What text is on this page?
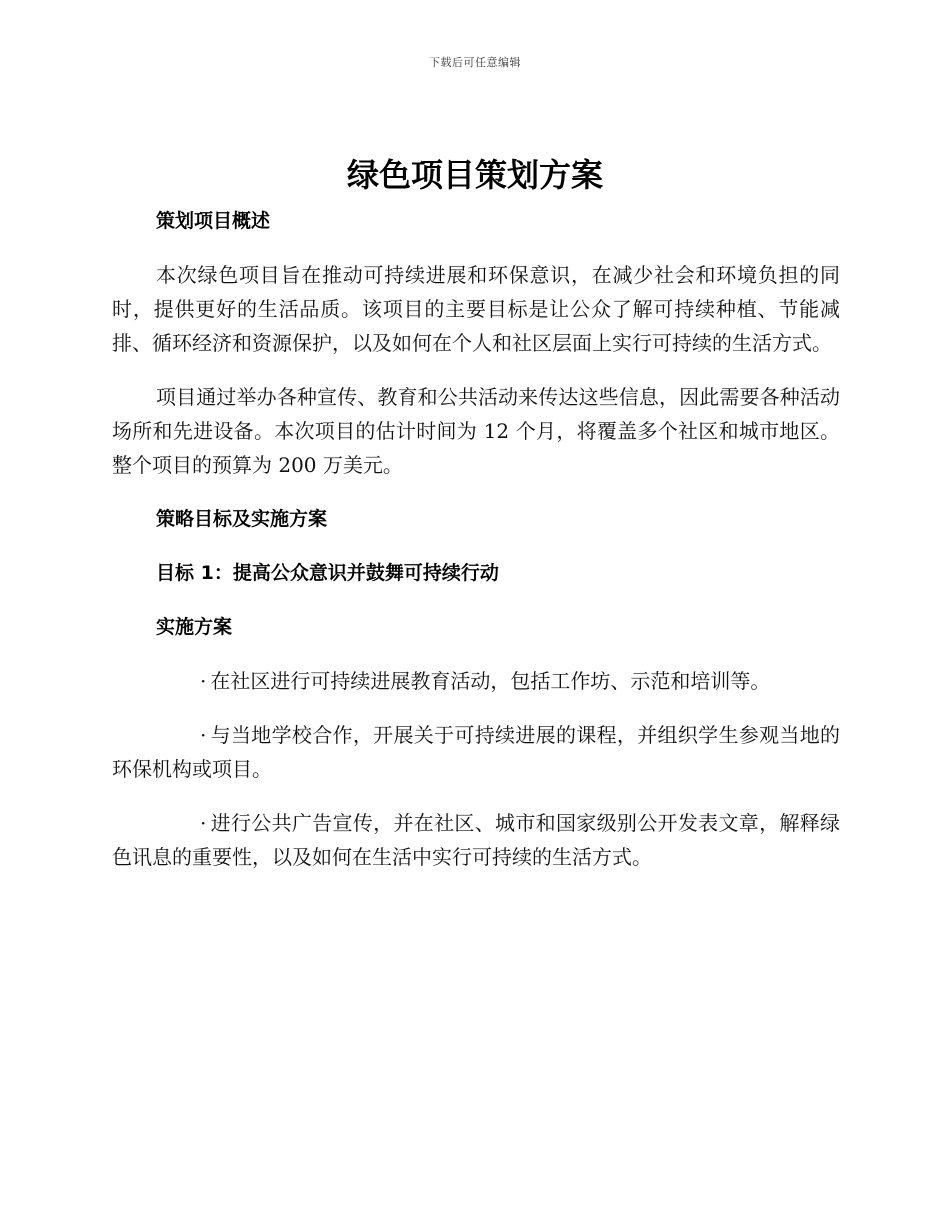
下载后可任意编辑
绿色项目策划方案
策划项目概述

本次绿色项目旨在推动可持续进展和环保意识，在减少社会和环境负担的同时，提供更好的生活品质。该项目的主要目标是让公众了解可持续种植、节能减排、循环经济和资源保护，以及如何在个人和社区层面上实行可持续的生活方式。

项目通过举办各种宣传、教育和公共活动来传达这些信息，因此需要各种活动场所和先进设备。本次项目的估计时间为 12 个月，将覆盖多个社区和城市地区。整个项目的预算为 200 万美元。

策略目标及实施方案
目标 1：提高公众意识并鼓舞可持续行动
实施方案

· 在社区进行可持续进展教育活动，包括工作坊、示范和培训等。

· 与当地学校合作，开展关于可持续进展的课程，并组织学生参观当地的环保机构或项目。

· 进行公共广告宣传，并在社区、城市和国家级别公开发表文章，解释绿色讯息的重要性，以及如何在生活中实行可持续的生活方式。
